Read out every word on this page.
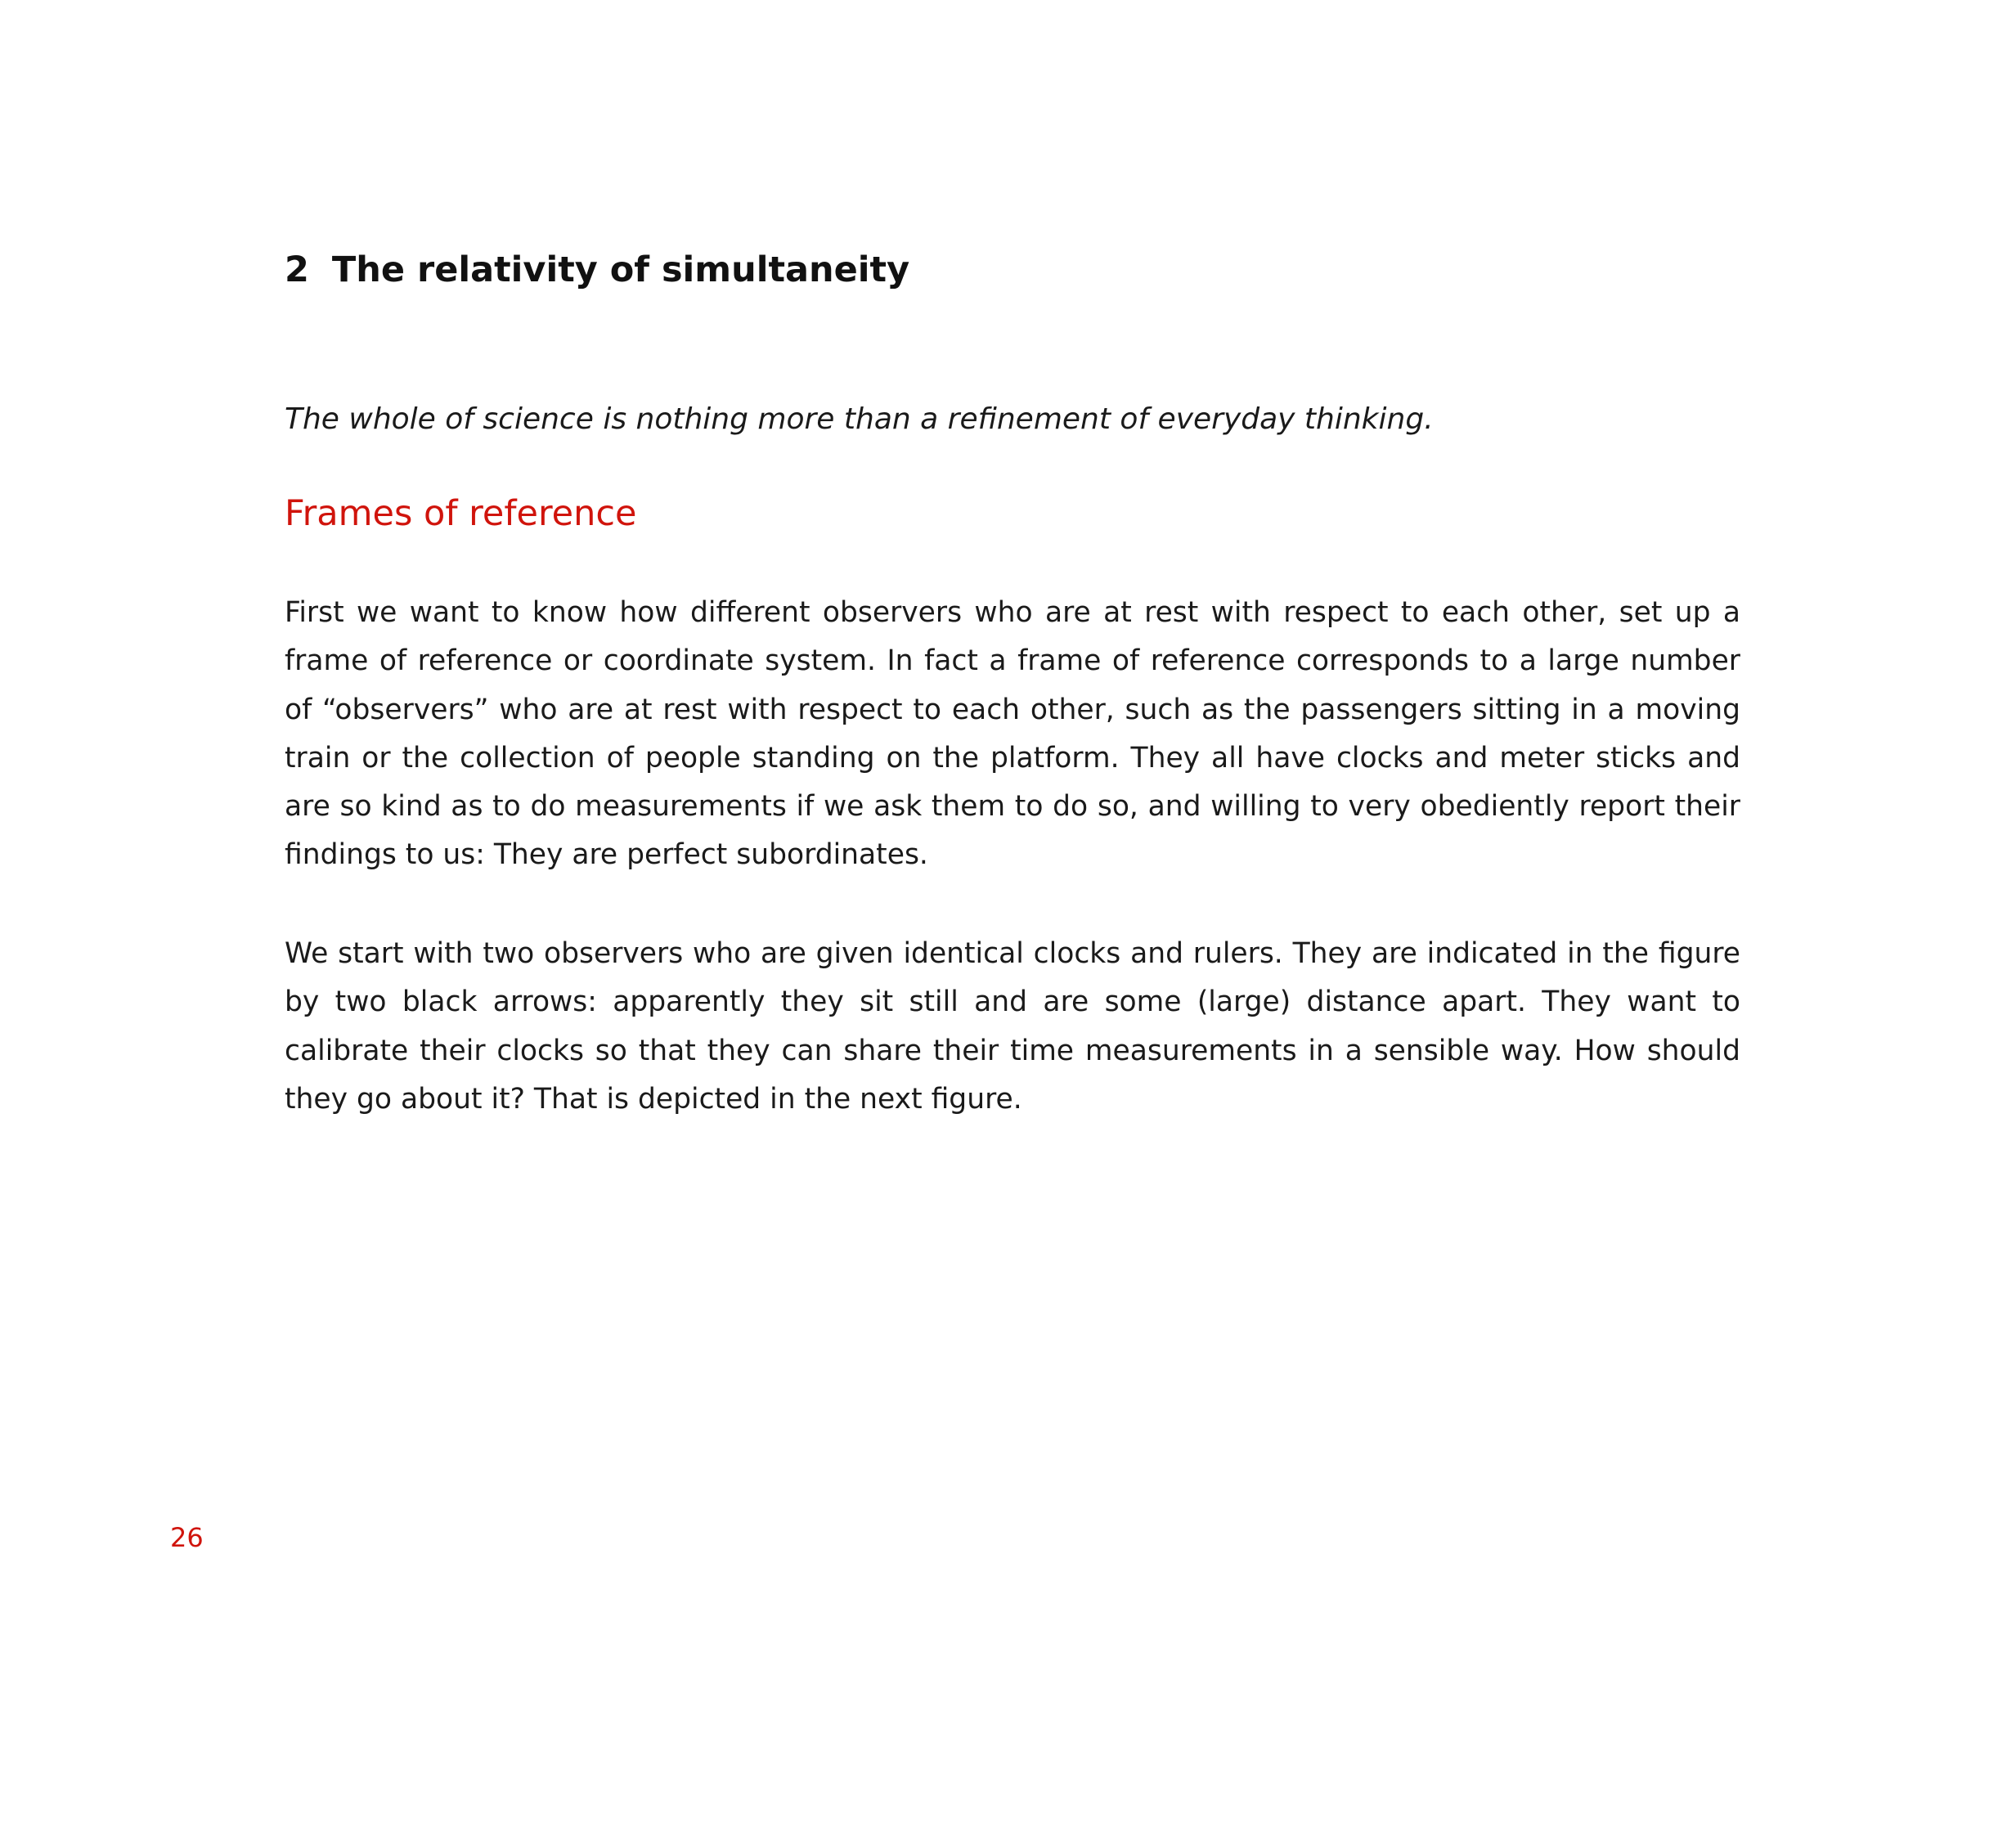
2 The relativity of simultaneity

The whole of science is nothing more than a refinement of everyday thinking.

Frames of reference

First we want to know how different observers who are at rest with respect to each other, set up a frame of reference or coordinate system. In fact a frame of reference corresponds to a large number of “observers” who are at rest with respect to each other, such as the passengers sitting in a moving train or the collection of people standing on the platform. They all have clocks and meter sticks and are so kind as to do measurements if we ask them to do so, and willing to very obediently report their findings to us: They are perfect subordinates.

We start with two observers who are given identical clocks and rulers. They are indicated in the figure by two black arrows: apparently they sit still and are some (large) distance apart. They want to calibrate their clocks so that they can share their time measurements in a sensible way. How should they go about it? That is depicted in the next figure.

26
